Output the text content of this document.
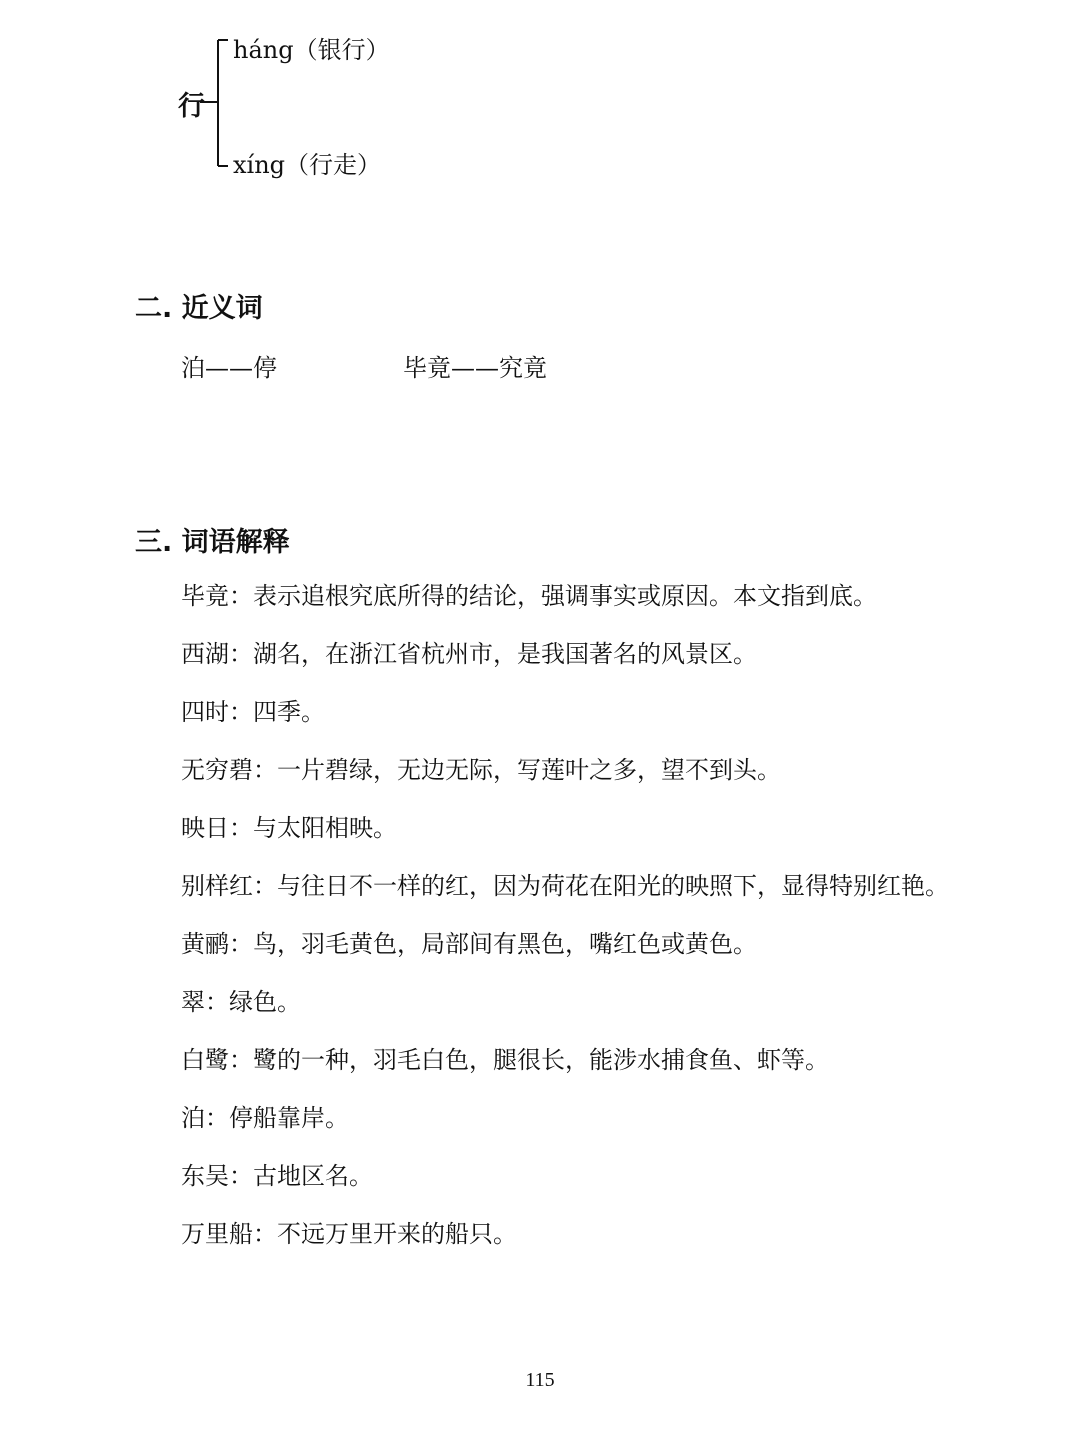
行
háng（银行）
xíng（行走）
二. 近义词
泊——停	毕竟——究竟
三. 词语解释
毕竟：表示追根究底所得的结论，强调事实或原因。本文指到底。
西湖：湖名，在浙江省杭州市，是我国著名的风景区。
四时：四季。
无穷碧：一片碧绿，无边无际，写莲叶之多，望不到头。
映日：与太阳相映。
别样红：与往日不一样的红，因为荷花在阳光的映照下，显得特别红艳。
黄鹂：鸟，羽毛黄色，局部间有黑色，嘴红色或黄色。
翠：绿色。
白鹭：鹭的一种，羽毛白色，腿很长，能涉水捕食鱼、虾等。
泊：停船靠岸。
东吴：古地区名。
万里船：不远万里开来的船只。
115
